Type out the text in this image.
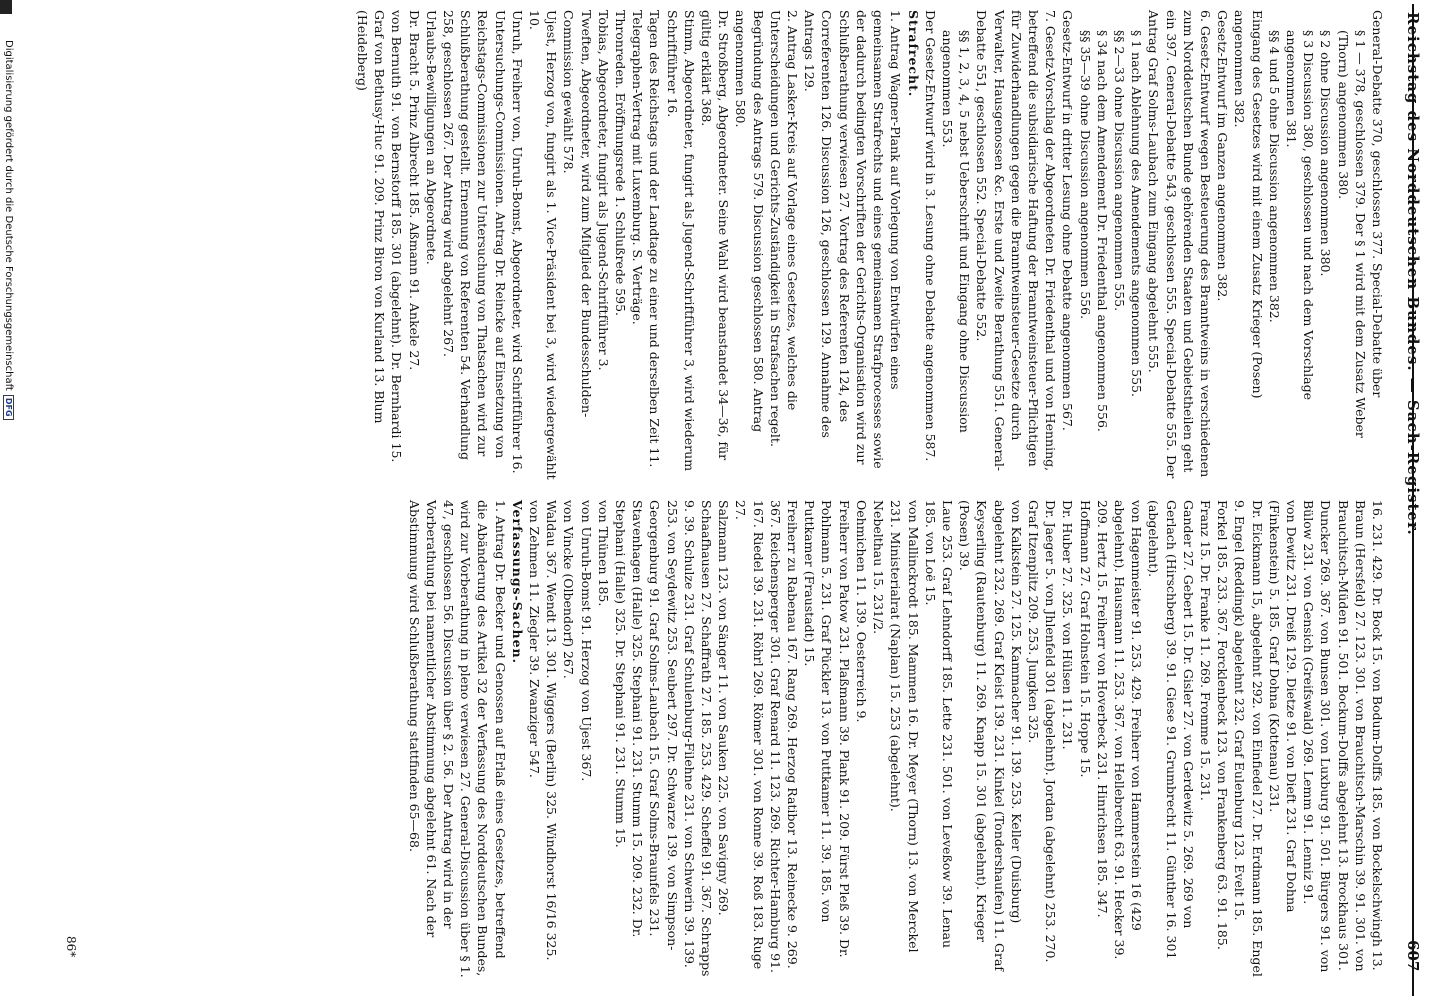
Digitalisierung gefördert durch die Deutsche Forschungsgemeinschaft
DFG	Reichstag des Norddeutschen Bundes. — Sach-Register.
607

General-Debatte 370, geschlossen 377. Special-Debatte über

§ 1 — 378, geschlossen 379. Der § 1 wird mit dem Zusatz Weber (Thorn) angenommen 380.

§ 2 ohne Discussion angenommen 380.

§ 3 Discussion 380, geschlossen und nach dem Vorschlage angenommen 381.

§§ 4 und 5 ohne Discussion angenommen 382.

Eingang des Gesetzes wird mit einem Zusatz Krieger (Posen) angenommen 382.

Gesetz-Entwurf im Ganzen angenommen 382.

6. Gesetz-Entwurf wegen Besteuerung des Branntweins in verschiedenen zum Norddeutschen Bunde gehörenden Staaten und Gebietstheilen geht ein 397. General-Debatte 543, geschlossen 555. Special-Debatte 555. Der Antrag Graf Solms-Laubach zum Eingang abgelehnt 555.

§ 1 nach Ablehnung des Amendements angenommen 555.

§§ 2—33 ohne Discussion angenommen 555.

§ 34 nach dem Amendement Dr. Friedenthal angenommen 556.

§§ 35—39 ohne Discussion angenommen 556.

Gesetz-Entwurf in dritter Lesung ohne Debatte angenommen 567.

7. Gesetz-Vorschlag der Abgeordneten Dr. Friedenthal und von Henning, betreffend die subsidiarische Haftung der Branntweinsteuer-Pflichtigen für Zuwiderhandlungen gegen die Branntweinsteuer-Gesetze durch Verwalter, Hausgenossen &c. Erste und Zweite Berathung 551. General-Debatte 551, geschlossen 552. Special-Debatte 552.

§§ 1, 2, 3, 4, 5 nebst Ueberschrift und Eingang ohne Discussion angenommen 553.

Der Gesetz-Entwurf wird in 3. Lesung ohne Debatte angenommen 587.

Strafrecht.

1. Antrag Wagner-Plank auf Vorlegung von Entwürfen eines gemeinsamen Strafrechts und eines gemeinsamen Strafprocesses sowie der dadurch bedingten Vorschriften der Gerichts-Organisation wird zur Schlußberathung verwiesen 27. Vortrag des Referenten 124, des Correferenten 126. Discussion 126, geschlossen 129. Annahme des Antrags 129.

2. Antrag Lasker-Kreis auf Vorlage eines Gesetzes, welches die Unterscheidungen und Gerichts-Zuständigkeit in Strafsachen regelt. Begründung des Antrags 579. Discussion geschlossen 580. Antrag angenommen 580.

Dr. Stroßberg, Abgeordneter. Seine Wahl wird beanstandet 34—36, für gültig erklärt 368.

Stimm, Abgeordneter, fungirt als Jugend-Schriftführer 3, wird wiederum Schriftführer 16.

Tagen des Reichstags und der Landtage zu einer und derselben Zeit 11.

Telegraphen-Vertrag mit Luxemburg. S. Verträge.

Thronreden. Eröffnungsrede 1. Schlußrede 595.

Tobias, Abgeordneter, fungirt als Jugend-Schriftführer 3.

Tweften, Abgeordneter, wird zum Mitglied der Bundesschulden-Commission gewählt 578.

Ujest, Herzog von, fungirt als 1. Vice-Präsident bei 3, wird wiedergewählt 10.

Unruh, Freiherr von, Unruh-Bomst, Abgeordneter, wird Schriftführer 16.

Untersuchungs-Commissionen. Antrag Dr. Reincke auf Einsetzung von Reichstags-Commissionen zur Untersuchung von Thatsachen wird zur Schlußberathung gestellt. Ernennung von Referenten 54. Verhandlung 258, geschlossen 267. Der Antrag wird abgelehnt 267.

Urlaubs-Bewilligungen an Abgeordnete.

Dr. Bracht 5. Prinz Albrecht 185. Aßmann 91. Ankele 27.

von Bernuth 91. von Bernstorff 185. 301 (abgelehnt). Dr. Bernhardi 15. Graf von Bethusy-Huc 91. 209. Prinz Biron von Kurland 13. Blum (Heidelberg)

16. 231. 429. Dr. Bock 15. von Bodum-Dolffs 185. von Bockelschwingh 13. Braun (Hersfeld) 27. 123. 301. von Brauchitsch-Marschin 39. 91. 301. von Brauchitsch-Müden 91. 501. Bockum-Dolffs abgelehnt 13. Brockhaus 301. Duncker 269. 367. von Bunsen 301. von Luxburg 91. 501. Bürgers 91. von Bülow 231. von Gensich (Greifswald) 269. Lemm 91. Lenniz 91.

von Dewitz 231. Dreiß 129. Dietze 91. von Dieft 231. Graf Dohna (Finkenstein) 5. 185. Graf Dohna (Kottenau) 231.

Dr. Eickmann 15, abgelehnt 292. von Einfiedel 27. Dr. Erdmann 185. Engel 9. Engel (Reddingk) abgelehnt 232. Graf Eulenburg 123. Evelt 15.

Forkel 185. 233. 367. Forcklenbeck 123. von Frankenberg 63. 91. 185. Franz 15. Dr. Franke 11. 269. Fromme 15. 231.

Gander 27. Gebert 15. Dr. Gisler 27. von Gerdewitz 5. 269. 269 von Gerlach (Hirschberg) 39. 91. Giese 91. Grumbrecht 11. Günther 16. 301 (abgelehnt).

von Hagenmeister 91. 253. 429. Freiherr von Hammerstein 16 (429 abgelehnt). Hausmann 11. 253. 367. von Hellebrecht 63. 91. Hecker 39. 209. Hertz 15. Freiherr von Hoverbeck 231. Hinrichsen 185. 347. Hoffmann 27. Graf Holnstein 15. Hoppe 15.

Dr. Huber 27. 325. von Hülsen 11. 231.

Dr. Jaeger 5. von Jhlenfeld 301 (abgelehnt). Jordan (abgelehnt) 253. 270. Graf Itzenplitz 209. 253. Jungken 325.

von Kalkstein 27. 125. Kammacher 91. 139. 253. Keller (Duisburg) abgelehnt 232. 269. Graf Kleist 139. 231. Kinkel (Tondershaufen) 11. Graf Keyserling (Rautenburg) 11. 269. Knapp 15. 301 (abgelehnt). Krieger (Posen) 39.

Laue 253. Graf Lehndorff 185. Lette 231. 501. von Leveßow 39. Lenau 185. von Loë 15.

von Mallinckrodt 185. Mammen 16. Dr. Meyer (Thorn) 13. von Merckel 231. Ministerialrat (Naplan) 15. 253 (abgelehnt).

Nebelthau 15. 231/2.

Oehmichen 11. 139. Oesterreich 9.

Freiherr von Patow 231. Plaßmann 39. Plank 91. 209. Fürst Pleß 39. Dr. Pohlmann 5. 231. Graf Pückler 13. von Puttkamer 11. 39. 185. von Puttkamer (Fraustadt) 15.

Freiherr zu Rabenau 167. Rang 269. Herzog Ratibor 13. Reinecke 9. 269. 367. Reichensperger 301. Graf Renard 11. 123. 269. Richter-Hamburg 91. 167. Riedel 39. 231. Röhrl 269. Römer 301. von Ronne 39. Roß 183. Ruge 27.

Salzmann 123. von Sänger 11. von Sauken 225. von Savigny 269. Schaafhausen 27. Schaffrath 27. 185. 253. 429. Scheffel 91. 367. Schrapps 9. 39. Schulze 231. Graf Schulenburg-Filehne 231. von Schwerin 39. 139. 253. von Seydewitz 253. Seubert 297. Dr. Schwarze 139. von Simpson-Georgenburg 91. Graf Solms-Laubach 15. Graf Solms-Braunfels 231. Stavenhagen (Halle) 325. Stephani 91. 231. Stumm 15. 209. 232. Dr. Stephani (Halle) 325. Dr. Stephani 91. 231. Stumm 15.

von Thünen 185.

von Unruh-Bomst 91. Herzog von Ujest 367.

von Vincke (Olbendorf) 267.

Waldau 367. Wendt 13. 301. Wiggers (Berlin) 325. Windhorst 16/16 325.

von Zehmen 11. Ziegler 39. Zwanziger 547.

Verfassungs-Sachen.

1. Antrag Dr. Becker und Genossen auf Erlaß eines Gesetzes, betreffend die Abänderung des Artikel 32 der Verfassung des Norddeutschen Bundes, wird zur Vorberathung in pleno verwiesen 27. General-Discussion über § 1. 47, geschlossen 56. Discussion über § 2. 56. Der Antrag wird in der Vorberathung bei namentlicher Abstimmung abgelehnt 61. Nach der Abstimmung wird Schlußberathung stattfinden 65—68.

86*
